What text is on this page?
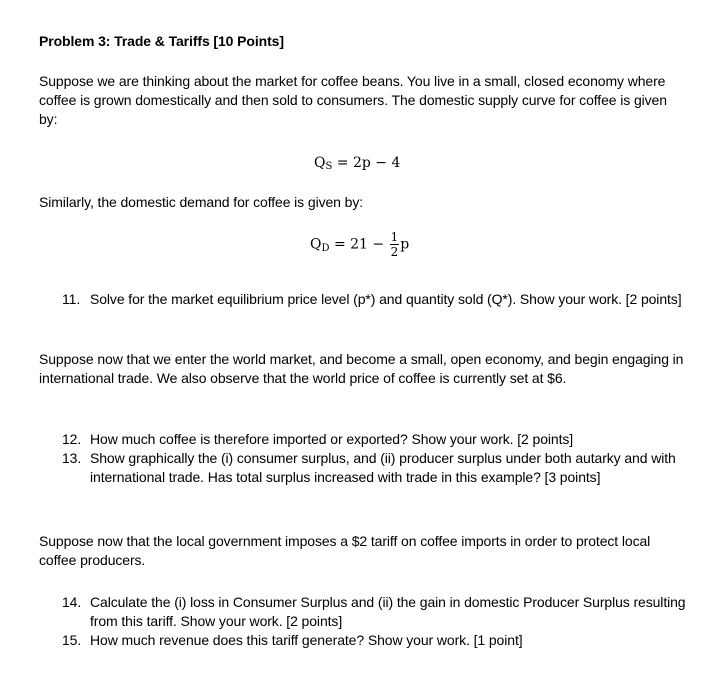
Problem 3: Trade & Tariffs [10 Points]
Suppose we are thinking about the market for coffee beans. You live in a small, closed economy where coffee is grown domestically and then sold to consumers. The domestic supply curve for coffee is given by:
QS = 2p − 4
Similarly, the domestic demand for coffee is given by:
QD = $21 - \frac{1}{2}$ p
11. Solve for the market equilibrium price level (p*) and quantity sold (Q*). Show your work. [2 points]
Suppose now that we enter the world market, and become a small, open economy, and begin engaging in international trade. We also observe that the world price of coffee is currently set at $6.
12. How much coffee is therefore imported or exported? Show your work. [2 points]
13. Show graphically the (i) consumer surplus, and (ii) producer surplus under both autarky and with international trade. Has total surplus increased with trade in this example? [3 points]
Suppose now that the local government imposes a $2 tariff on coffee imports in order to protect local coffee producers.
14. Calculate the (i) loss in Consumer Surplus and (ii) the gain in domestic Producer Surplus resulting from this tariff. Show your work. [2 points]
15. How much revenue does this tariff generate? Show your work. [1 point]
